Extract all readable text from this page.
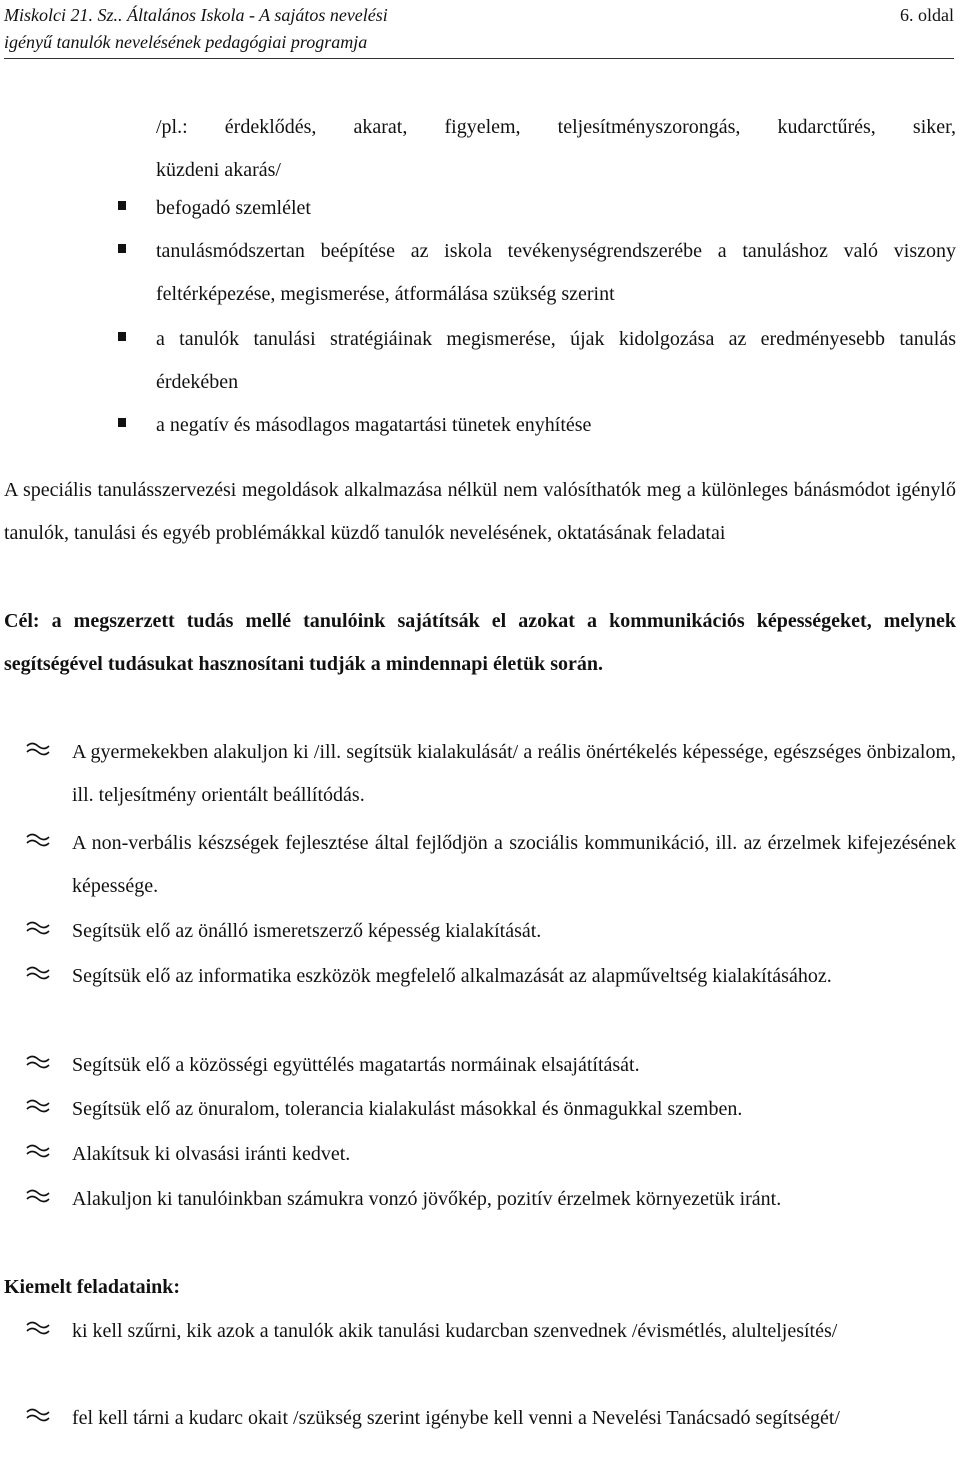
Miskolci 21. Sz.. Általános Iskola - A sajátos nevelési	6. oldal
igényű tanulók nevelésének pedagógiai programja
/pl.: érdeklődés, akarat, figyelem, teljesítményszorongás, kudarctűrés, siker,
küzdeni akarás/
befogadó szemlélet
tanulásmódszertan beépítése az iskola tevékenységrendszerébe a tanuláshoz való viszony feltérképezése, megismerése, átformálása szükség szerint
a tanulók tanulási stratégiáinak megismerése, újak kidolgozása az eredményesebb tanulás érdekében
a negatív és másodlagos magatartási tünetek enyhítése
A speciális tanulásszervezési megoldások alkalmazása nélkül nem valósíthatók meg a különleges bánásmódot igénylő tanulók, tanulási és egyéb problémákkal küzdő tanulók nevelésének, oktatásának feladatai
Cél: a megszerzett tudás mellé tanulóink sajátítsák el azokat a kommunikációs képességeket, melynek segítségével tudásukat hasznosítani tudják a mindennapi életük során.
A gyermekekben alakuljon ki /ill. segítsük kialakulását/ a reális önértékelés képessége, egészséges önbizalom, ill. teljesítmény orientált beállítódás.
A non-verbális készségek fejlesztése által fejlődjön a szociális kommunikáció, ill. az érzelmek kifejezésének képessége.
Segítsük elő az önálló ismeretszerző képesség kialakítását.
Segítsük elő az informatika eszközök megfelelő alkalmazását az alapműveltség kialakításához.
Segítsük elő a közösségi együttélés magatartás normáinak elsajátítását.
Segítsük elő az önuralom, tolerancia kialakulást másokkal és önmagukkal szemben.
Alakítsuk ki olvasási iránti kedvet.
Alakuljon ki tanulóinkban számukra vonzó jövőkép, pozitív érzelmek környezetük iránt.
Kiemelt feladataink:
ki kell szűrni, kik azok a tanulók akik tanulási kudarcban szenvednek /évismétlés, alulteljesítés/
fel kell tárni a kudarc okait /szükség szerint igénybe kell venni a Nevelési Tanácsadó segítségét/
